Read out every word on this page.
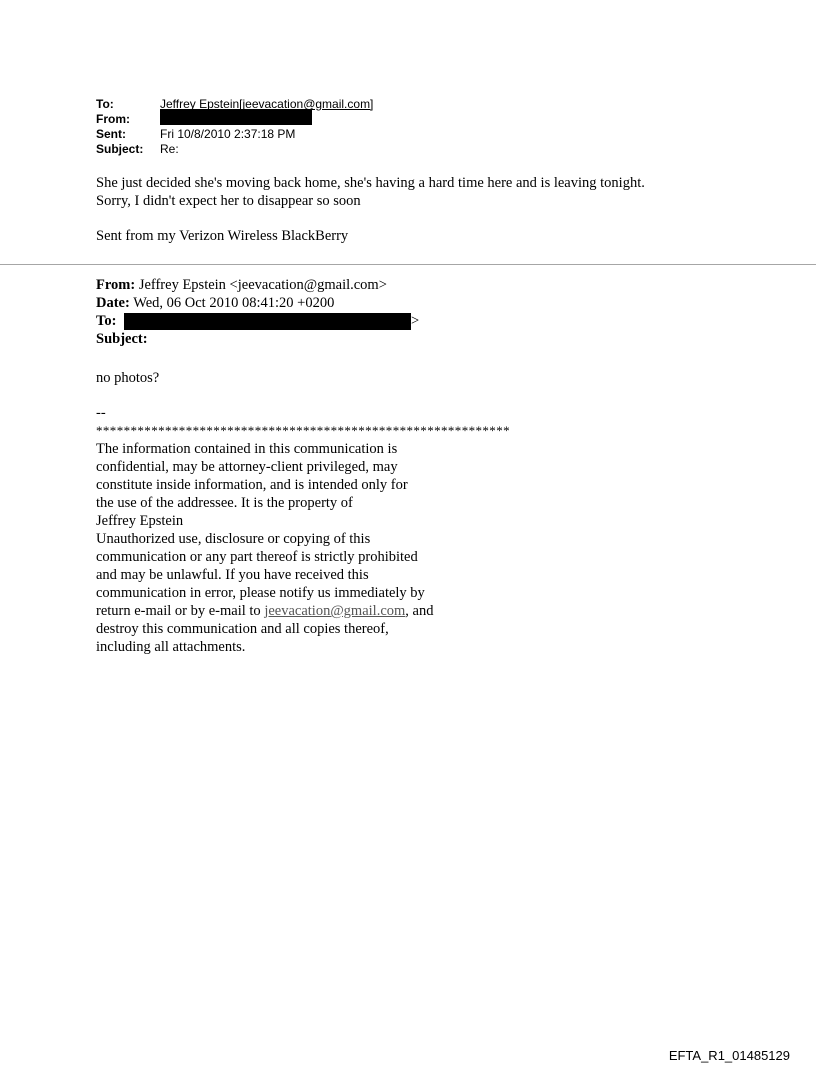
To:	Jeffrey Epstein[jeevacation@gmail.com]
From:
Sent:	Fri 10/8/2010 2:37:18 PM
Subject:	Re:

She just decided she's moving back home, she's having a hard time here and is leaving tonight.

Sorry, I didn't expect her to disappear so soon

Sent from my Verizon Wireless BlackBerry
From: Jeffrey Epstein <jeevacation@gmail.com>
Date: Wed, 06 Oct 2010 08:41:20 +0200
To:	>
Subject:
no photos?
--
************************************************************
The information contained in this communication is
confidential, may be attorney-client privileged, may
constitute inside information, and is intended only for
the use of the addressee. It is the property of
Jeffrey Epstein
Unauthorized use, disclosure or copying of this
communication or any part thereof is strictly prohibited
and may be unlawful. If you have received this
communication in error, please notify us immediately by
return e-mail or by e-mail to jeevacation@gmail.com, and
destroy this communication and all copies thereof,
including all attachments.
EFTA_R1_01485129
